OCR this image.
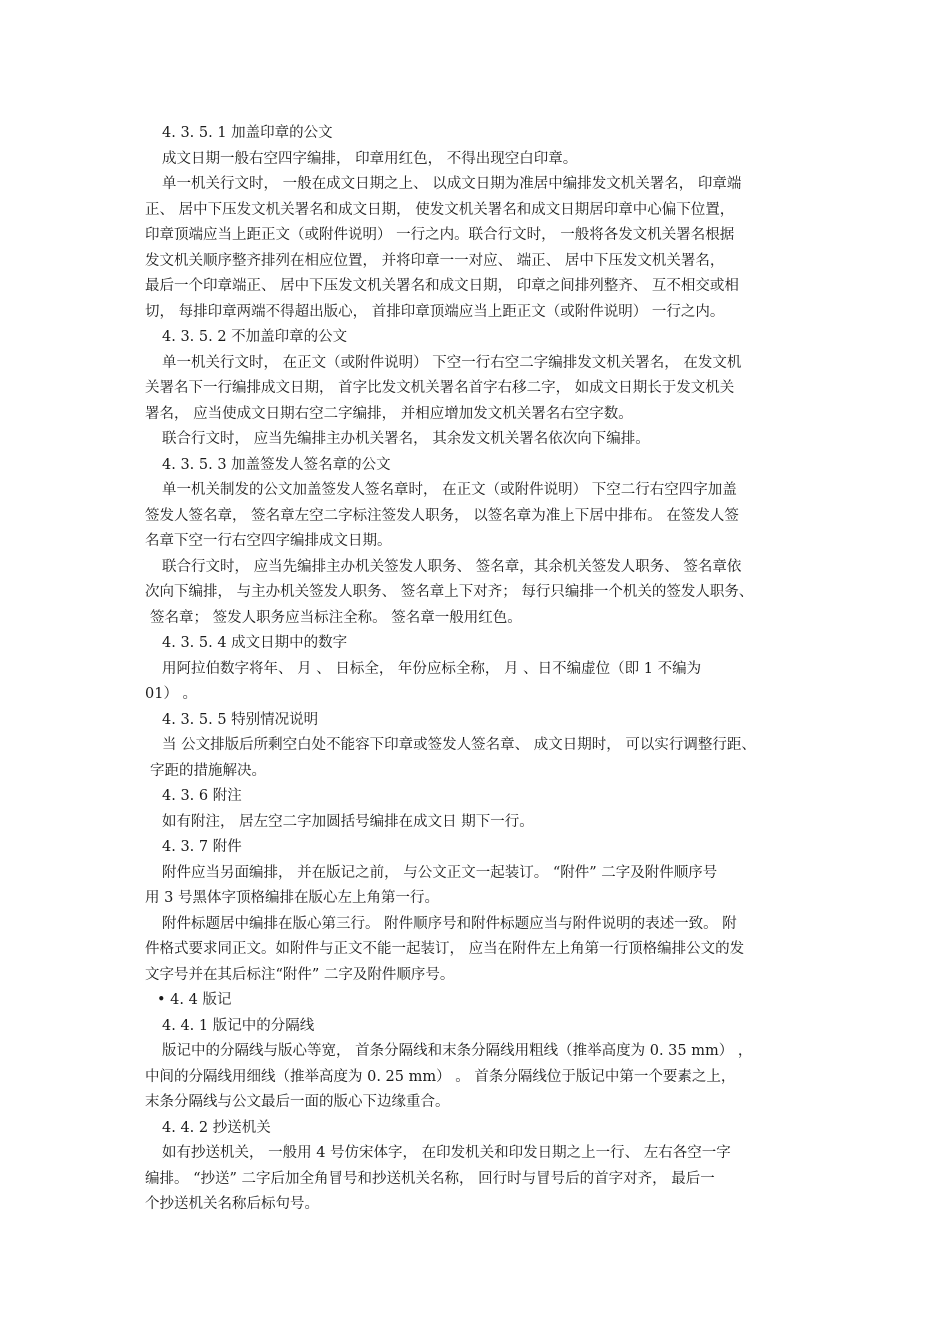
4. 3. 5. 1 加盖印章的公文
成文日期一般右空四字编排， 印章用红色， 不得出现空白印章。
单一机关行文时， 一般在成文日期之上、 以成文日期为准居中编排发文机关署名， 印章端
正、 居中下压发文机关署名和成文日期， 使发文机关署名和成文日期居印章中心偏下位置，
印章顶端应当上距正文（或附件说明） 一行之内。联合行文时， 一般将各发文机关署名根据
发文机关顺序整齐排列在相应位置， 并将印章一一对应、 端正、 居中下压发文机关署名，
最后一个印章端正、 居中下压发文机关署名和成文日期， 印章之间排列整齐、 互不相交或相
切， 每排印章两端不得超出版心， 首排印章顶端应当上距正文（或附件说明） 一行之内。
4. 3. 5. 2 不加盖印章的公文
单一机关行文时， 在正文（或附件说明） 下空一行右空二字编排发文机关署名， 在发文机
关署名下一行编排成文日期， 首字比发文机关署名首字右移二字， 如成文日期长于发文机关
署名， 应当使成文日期右空二字编排， 并相应增加发文机关署名右空字数。
联合行文时， 应当先编排主办机关署名， 其余发文机关署名依次向下编排。
4. 3. 5. 3 加盖签发人签名章的公文
单一机关制发的公文加盖签发人签名章时， 在正文（或附件说明） 下空二行右空四字加盖
签发人签名章， 签名章左空二字标注签发人职务， 以签名章为准上下居中排布。 在签发人签
名章下空一行右空四字编排成文日期。
联合行文时， 应当先编排主办机关签发人职务、 签名章，其余机关签发人职务、 签名章依
次向下编排， 与主办机关签发人职务、 签名章上下对齐； 每行只编排一个机关的签发人职务、
签名章； 签发人职务应当标注全称。 签名章一般用红色。
4. 3. 5. 4 成文日期中的数字
用阿拉伯数字将年、 月 、 日标全， 年份应标全称， 月 、日不编虚位（即 1 不编为
01） 。
4. 3. 5. 5 特别情况说明
当 公文排版后所剩空白处不能容下印章或签发人签名章、 成文日期时， 可以实行调整行距、
字距的措施解决。
4. 3. 6 附注
如有附注， 居左空二字加圆括号编排在成文日 期下一行。
4. 3. 7 附件
附件应当另面编排， 并在版记之前， 与公文正文一起装订。 “附件” 二字及附件顺序号
用 3 号黑体字顶格编排在版心左上角第一行。
附件标题居中编排在版心第三行。 附件顺序号和附件标题应当与附件说明的表述一致。 附
件格式要求同正文。如附件与正文不能一起装订， 应当在附件左上角第一行顶格编排公文的发
文字号并在其后标注“附件” 二字及附件顺序号。
• 4. 4 版记
4. 4. 1 版记中的分隔线
版记中的分隔线与版心等宽， 首条分隔线和末条分隔线用粗线（推举高度为 0. 35 mm） ，
中间的分隔线用细线（推举高度为 0. 25 mm） 。 首条分隔线位于版记中第一个要素之上，
末条分隔线与公文最后一面的版心下边缘重合。
4. 4. 2 抄送机关
如有抄送机关， 一般用 4 号仿宋体字， 在印发机关和印发日期之上一行、 左右各空一字
编排。 “抄送” 二字后加全角冒号和抄送机关名称， 回行时与冒号后的首字对齐， 最后一
个抄送机关名称后标句号。
